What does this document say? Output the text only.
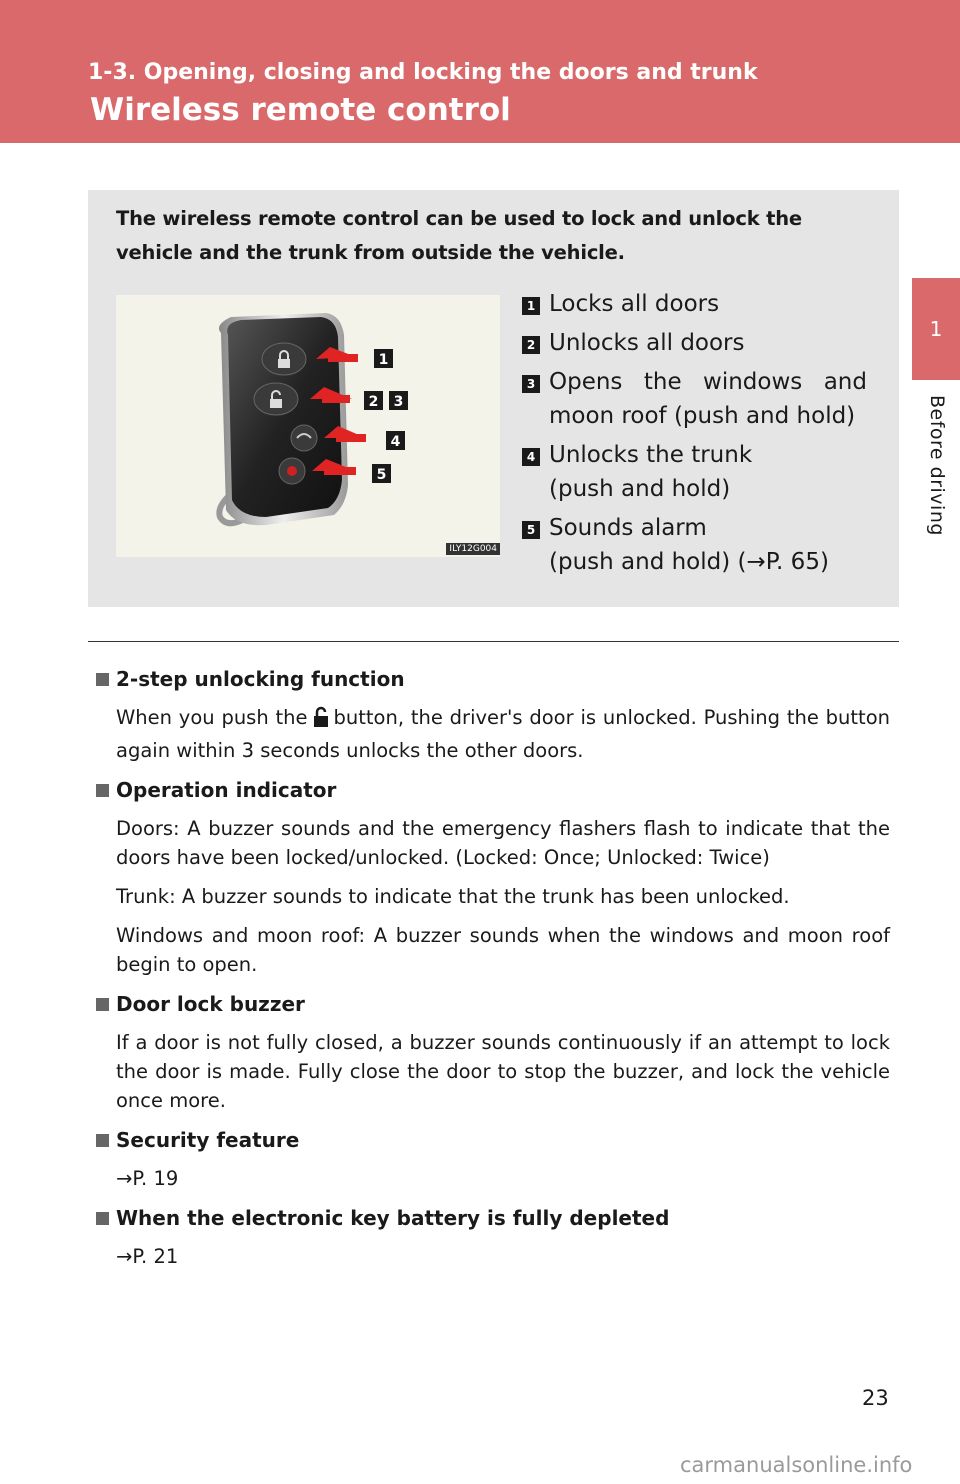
1-3. Opening, closing and locking the doors and trunk
Wireless remote control
1
Before driving
The wireless remote control can be used to lock and unlock the vehicle and the trunk from outside the vehicle.
1
2 3
4
5
ILY12G004
1 Locks all doors
2 Unlocks all doors
3 Opens the windows and
moon roof (push and hold)
4 Unlocks the trunk
(push and hold)
5 Sounds alarm
(push and hold) (→P. 65)
2-step unlocking function

When you push the button, the driver's door is unlocked. Pushing the button again within 3 seconds unlocks the other doors.

Operation indicator

Doors: A buzzer sounds and the emergency flashers flash to indicate that the doors have been locked/unlocked. (Locked: Once; Unlocked: Twice)

Trunk: A buzzer sounds to indicate that the trunk has been unlocked.

Windows and moon roof: A buzzer sounds when the windows and moon roof begin to open.

Door lock buzzer

If a door is not fully closed, a buzzer sounds continuously if an attempt to lock the door is made. Fully close the door to stop the buzzer, and lock the vehicle once more.

Security feature

→P. 19

When the electronic key battery is fully depleted

→P. 21

23
carmanualsonline.info
